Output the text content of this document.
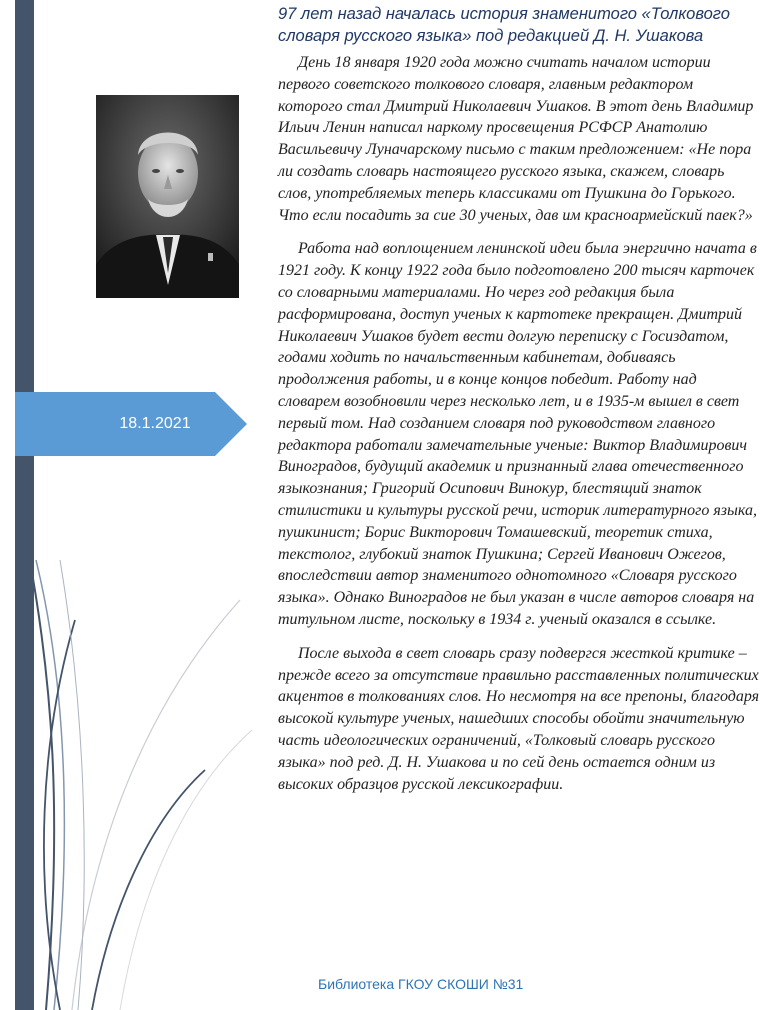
18.1.2021
97 лет назад началась история знаменитого «Толкового словаря русского языка» под редакцией Д. Н. Ушакова

День 18 января 1920 года можно считать началом истории первого советского толкового словаря, главным редактором которого стал Дмитрий Николаевич Ушаков. В этот день Владимир Ильич Ленин написал наркому просвещения РСФСР Анатолию Васильевичу Луначарскому письмо с таким предложением: «Не пора ли создать словарь настоящего русского языка, скажем, словарь слов, употребляемых теперь классиками от Пушкина до Горького. Что если посадить за сие 30 ученых, дав им красноармейский паек?»

Работа над воплощением ленинской идеи была энергично начата в 1921 году. К концу 1922 года было подготовлено 200 тысяч карточек со словарными материалами. Но через год редакция была расформирована, доступ ученых к картотеке прекращен. Дмитрий Николаевич Ушаков будет вести долгую переписку с Госиздатом, годами ходить по начальственным кабинетам, добиваясь продолжения работы, и в конце концов победит. Работу над словарем возобновили через несколько лет, и в 1935-м вышел в свет первый том. Над созданием словаря под руководством главного редактора работали замечательные ученые: Виктор Владимирович Виноградов, будущий академик и признанный глава отечественного языкознания; Григорий Осипович Винокур, блестящий знаток стилистики и культуры русской речи, историк литературного языка, пушкинист; Борис Викторович Томашевский, теоретик стиха, текстолог, глубокий знаток Пушкина; Сергей Иванович Ожегов, впоследствии автор знаменитого однотомного «Словаря русского языка». Однако Виноградов не был указан в числе авторов словаря на титульном листе, поскольку в 1934 г. ученый оказался в ссылке.

После выхода в свет словарь сразу подвергся жесткой критике – прежде всего за отсутствие правильно расставленных политических акцентов в толкованиях слов. Но несмотря на все препоны, благодаря высокой культуре ученых, нашедших способы обойти значительную часть идеологических ограничений, «Толковый словарь русского языка» под ред. Д. Н. Ушакова и по сей день остается одним из высоких образцов русской лексикографии.

Библиотека ГКОУ СКОШИ №31
